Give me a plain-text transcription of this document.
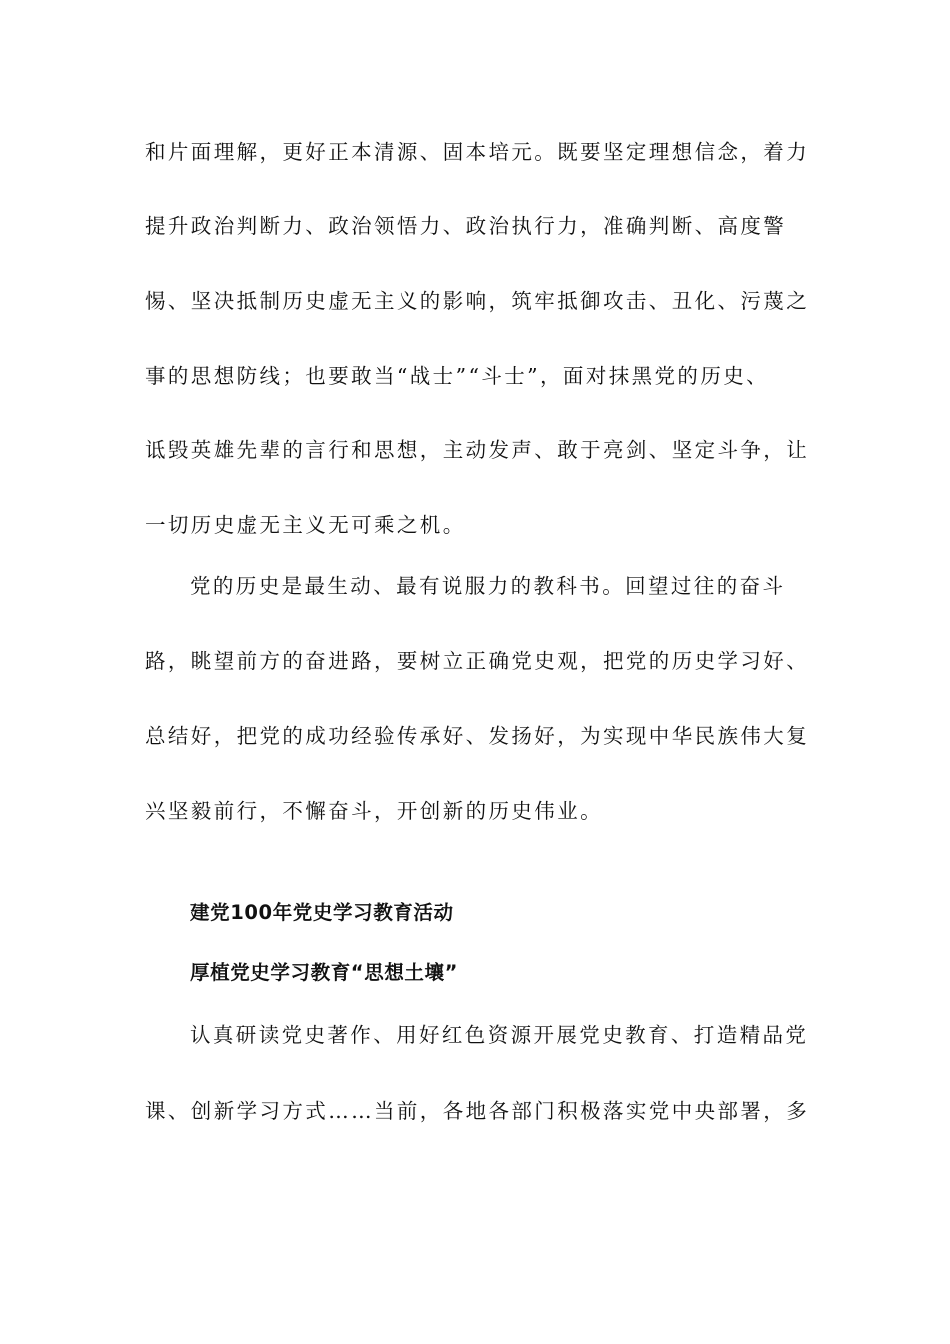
和片面理解，更好正本清源、固本培元。既要坚定理想信念，着力
提升政治判断力、政治领悟力、政治执行力，准确判断、高度警
惕、坚决抵制历史虚无主义的影响，筑牢抵御攻击、丑化、污蔑之
事的思想防线；也要敢当“战士”“斗士”，面对抹黑党的历史、
诋毁英雄先辈的言行和思想，主动发声、敢于亮剑、坚定斗争，让
一切历史虚无主义无可乘之机。
党的历史是最生动、最有说服力的教科书。回望过往的奋斗
路，眺望前方的奋进路，要树立正确党史观，把党的历史学习好、
总结好，把党的成功经验传承好、发扬好，为实现中华民族伟大复
兴坚毅前行，不懈奋斗，开创新的历史伟业。
建党100年党史学习教育活动
厚植党史学习教育“思想土壤”
认真研读党史著作、用好红色资源开展党史教育、打造精品党
课、创新学习方式……当前，各地各部门积极落实党中央部署，多
